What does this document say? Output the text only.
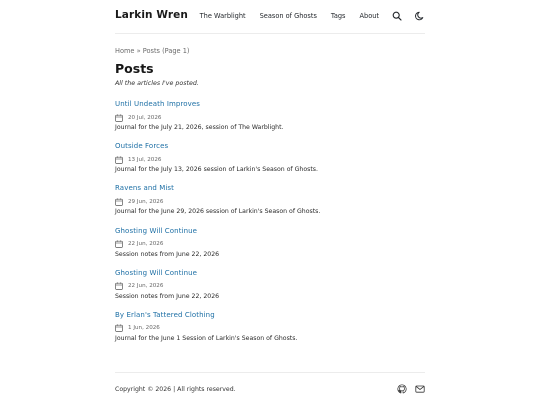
Larkin Wren The Warblight Season of Ghosts Tags About
Home » Posts (Page 1)
Posts

All the articles I've posted.

Until Undeath Improves
20 Jul, 2026
Journal for the July 21, 2026, session of The Warblight.
Outside Forces
13 Jul, 2026
Journal for the July 13, 2026 session of Larkin's Season of Ghosts.
Ravens and Mist
29 Jun, 2026
Journal for the June 29, 2026 session of Larkin's Season of Ghosts.
Ghosting Will Continue
22 Jun, 2026
Session notes from June 22, 2026
Ghosting Will Continue
22 Jun, 2026
Session notes from June 22, 2026
By Erlan's Tattered Clothing
1 Jun, 2026
Journal for the June 1 Session of Larkin's Season of Ghosts.
Copyright © 2026 | All rights reserved.
